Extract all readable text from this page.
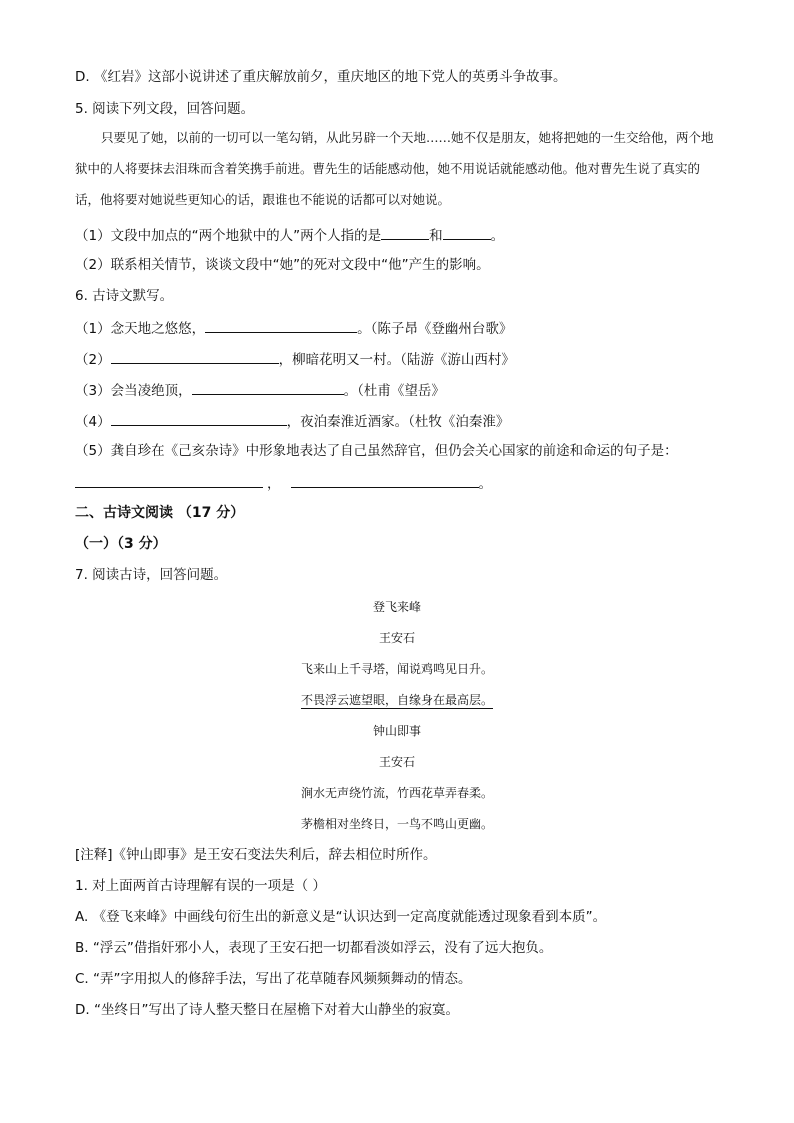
D. 《红岩》这部小说讲述了重庆解放前夕，重庆地区的地下党人的英勇斗争故事。
5. 阅读下列文段，回答问题。
只要见了她，以前的一切可以一笔勾销，从此另辟一个天地……她不仅是朋友，她将把她的一生交给他，两个地狱中的人将要抹去泪珠而含着笑携手前进。曹先生的话能感动他，她不用说话就能感动他。他对曹先生说了真实的话，他将要对她说些更知心的话，跟谁也不能说的话都可以对她说。
（1）文段中加点的“两个地狱中的人”两个人指的是	和	。
（2）联系相关情节，谈谈文段中“她”的死对文段中“他”产生的影响。
6. 古诗文默写。
（1）念天地之悠悠，	。（陈子昂《登幽州台歌》
（2）	，柳暗花明又一村。（陆游《游山西村》
（3）会当凌绝顶，	。（杜甫《望岳》
（4）	，夜泊秦淮近酒家。（杜牧《泊秦淮》
（5）龚自珍在《己亥杂诗》中形象地表达了自己虽然辞官，但仍会关心国家的前途和命运的句子是：
，	。
二、古诗文阅读 （17 分）
（一）（3 分）
7. 阅读古诗，回答问题。
登飞来峰
王安石
飞来山上千寻塔，闻说鸡鸣见日升。
不畏浮云遮望眼，自缘身在最高层。
钟山即事
王安石
涧水无声绕竹流，竹西花草弄春柔。
茅檐相对坐终日，一鸟不鸣山更幽。
[注释]《钟山即事》是王安石变法失利后，辞去相位时所作。
1. 对上面两首古诗理解有误的一项是（ ）
A. 《登飞来峰》中画线句衍生出的新意义是“认识达到一定高度就能透过现象看到本质”。
B. “浮云”借指奸邪小人，表现了王安石把一切都看淡如浮云，没有了远大抱负。
C. “弄”字用拟人的修辞手法，写出了花草随春风频频舞动的情态。
D. “坐终日”写出了诗人整天整日在屋檐下对着大山静坐的寂寞。
